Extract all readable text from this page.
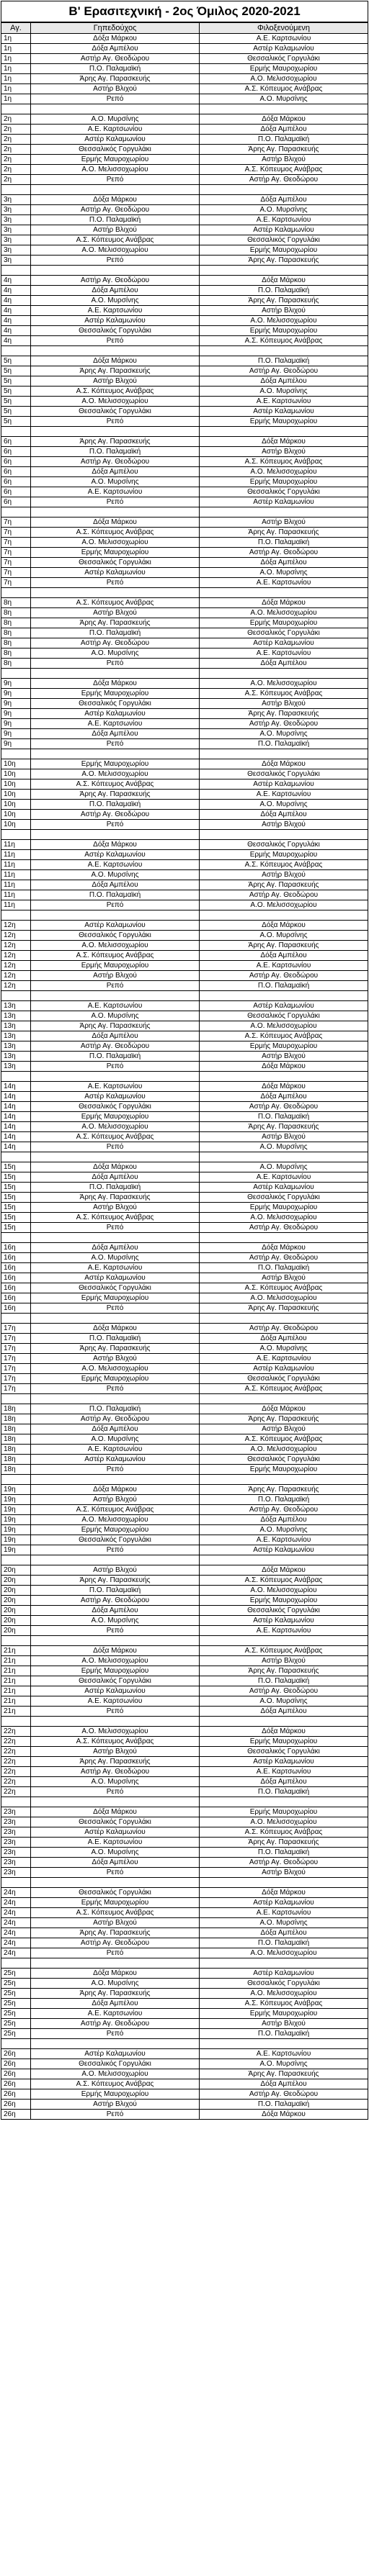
Β' Ερασιτεχνική - 2ος Όμιλος 2020-2021
Αγ.	Γηπεδούχος	Φιλοξενούμενη
1η	Δόξα Μάρκου	Α.Ε. Καρτσωνίου
1η	Δόξα Αμπέλου	Αστέρ Καλαμωνίου
1η	Αστήρ Αγ. Θεοδώρου	Θεσσαλικός Γοργυλάκι
1η	Π.Ο. Παλαμαϊκή	Ερμής Μαυροχωρίου
1η	Άρης Αγ. Παρασκευής	Α.Ο. Μελισσοχωρίου
1η	Αστήρ Βλιχού	Α.Σ. Κόπευμος Ανάβρας
1η	Ρεπό	Α.Ο. Μυρσίνης
2η	Α.Ο. Μυρσίνης	Δόξα Μάρκου
2η	Α.Ε. Καρτσωνίου	Δόξα Αμπέλου
2η	Αστέρ Καλαμωνίου	Π.Ο. Παλαμαϊκή
2η	Θεσσαλικός Γοργυλάκι	Άρης Αγ. Παρασκευής
2η	Ερμής Μαυροχωρίου	Αστήρ Βλιχού
2η	Α.Ο. Μελισσοχωρίου	Α.Σ. Κόπευμος Ανάβρας
2η	Ρεπό	Αστήρ Αγ. Θεοδώρου
3η	Δόξα Μάρκου	Δόξα Αμπέλου
3η	Αστήρ Αγ. Θεοδώρου	Α.Ο. Μυρσίνης
3η	Π.Ο. Παλαμαϊκή	Α.Ε. Καρτσωνίου
3η	Αστήρ Βλιχού	Αστέρ Καλαμωνίου
3η	Α.Σ. Κόπευμος Ανάβρας	Θεσσαλικός Γοργυλάκι
3η	Α.Ο. Μελισσοχωρίου	Ερμής Μαυροχωρίου
3η	Ρεπό	Άρης Αγ. Παρασκευής
4η	Αστήρ Αγ. Θεοδώρου	Δόξα Μάρκου
4η	Δόξα Αμπέλου	Π.Ο. Παλαμαϊκή
4η	Α.Ο. Μυρσίνης	Άρης Αγ. Παρασκευής
4η	Α.Ε. Καρτσωνίου	Αστήρ Βλιχού
4η	Αστέρ Καλαμωνίου	Α.Ο. Μελισσοχωρίου
4η	Θεσσαλικός Γοργυλάκι	Ερμής Μαυροχωρίου
4η	Ρεπό	Α.Σ. Κόπευμος Ανάβρας
5η	Δόξα Μάρκου	Π.Ο. Παλαμαϊκή
5η	Άρης Αγ. Παρασκευής	Αστήρ Αγ. Θεοδώρου
5η	Αστήρ Βλιχού	Δόξα Αμπέλου
5η	Α.Σ. Κόπευμος Ανάβρας	Α.Ο. Μυρσίνης
5η	Α.Ο. Μελισσοχωρίου	Α.Ε. Καρτσωνίου
5η	Θεσσαλικός Γοργυλάκι	Αστέρ Καλαμωνίου
5η	Ρεπό	Ερμής Μαυροχωρίου
6η	Άρης Αγ. Παρασκευής	Δόξα Μάρκου
6η	Π.Ο. Παλαμαϊκή	Αστήρ Βλιχού
6η	Αστήρ Αγ. Θεοδώρου	Α.Σ. Κόπευμος Ανάβρας
6η	Δόξα Αμπέλου	Α.Ο. Μελισσοχωρίου
6η	Α.Ο. Μυρσίνης	Ερμής Μαυροχωρίου
6η	Α.Ε. Καρτσωνίου	Θεσσαλικός Γοργυλάκι
6η	Ρεπό	Αστέρ Καλαμωνίου
7η	Δόξα Μάρκου	Αστήρ Βλιχού
7η	Α.Σ. Κόπευμος Ανάβρας	Άρης Αγ. Παρασκευής
7η	Α.Ο. Μελισσοχωρίου	Π.Ο. Παλαμαϊκή
7η	Ερμής Μαυροχωρίου	Αστήρ Αγ. Θεοδώρου
7η	Θεσσαλικός Γοργυλάκι	Δόξα Αμπέλου
7η	Αστέρ Καλαμωνίου	Α.Ο. Μυρσίνης
7η	Ρεπό	Α.Ε. Καρτσωνίου
8η	Α.Σ. Κόπευμος Ανάβρας	Δόξα Μάρκου
8η	Αστήρ Βλιχού	Α.Ο. Μελισσοχωρίου
8η	Άρης Αγ. Παρασκευής	Ερμής Μαυροχωρίου
8η	Π.Ο. Παλαμαϊκή	Θεσσαλικός Γοργυλάκι
8η	Αστήρ Αγ. Θεοδώρου	Αστέρ Καλαμωνίου
8η	Α.Ο. Μυρσίνης	Α.Ε. Καρτσωνίου
8η	Ρεπό	Δόξα Αμπέλου
9η	Δόξα Μάρκου	Α.Ο. Μελισσοχωρίου
9η	Ερμής Μαυροχωρίου	Α.Σ. Κόπευμος Ανάβρας
9η	Θεσσαλικός Γοργυλάκι	Αστήρ Βλιχού
9η	Αστέρ Καλαμωνίου	Άρης Αγ. Παρασκευής
9η	Α.Ε. Καρτσωνίου	Αστήρ Αγ. Θεοδώρου
9η	Δόξα Αμπέλου	Α.Ο. Μυρσίνης
9η	Ρεπό	Π.Ο. Παλαμαϊκή
10η	Ερμής Μαυροχωρίου	Δόξα Μάρκου
10η	Α.Ο. Μελισσοχωρίου	Θεσσαλικός Γοργυλάκι
10η	Α.Σ. Κόπευμος Ανάβρας	Αστέρ Καλαμωνίου
10η	Άρης Αγ. Παρασκευής	Α.Ε. Καρτσωνίου
10η	Π.Ο. Παλαμαϊκή	Α.Ο. Μυρσίνης
10η	Αστήρ Αγ. Θεοδώρου	Δόξα Αμπέλου
10η	Ρεπό	Αστήρ Βλιχού
11η	Δόξα Μάρκου	Θεσσαλικός Γοργυλάκι
11η	Αστέρ Καλαμωνίου	Ερμής Μαυροχωρίου
11η	Α.Ε. Καρτσωνίου	Α.Σ. Κόπευμος Ανάβρας
11η	Α.Ο. Μυρσίνης	Αστήρ Βλιχού
11η	Δόξα Αμπέλου	Άρης Αγ. Παρασκευής
11η	Π.Ο. Παλαμαϊκή	Αστήρ Αγ. Θεοδώρου
11η	Ρεπό	Α.Ο. Μελισσοχωρίου
12η	Αστέρ Καλαμωνίου	Δόξα Μάρκου
12η	Θεσσαλικός Γοργυλάκι	Α.Ο. Μυρσίνης
12η	Α.Ο. Μελισσοχωρίου	Άρης Αγ. Παρασκευής
12η	Α.Σ. Κόπευμος Ανάβρας	Δόξα Αμπέλου
12η	Ερμής Μαυροχωρίου	Α.Ε. Καρτσωνίου
12η	Αστήρ Βλιχού	Αστήρ Αγ. Θεοδώρου
12η	Ρεπό	Π.Ο. Παλαμαϊκή
13η	Α.Ε. Καρτσωνίου	Αστέρ Καλαμωνίου
13η	Α.Ο. Μυρσίνης	Θεσσαλικός Γοργυλάκι
13η	Άρης Αγ. Παρασκευής	Α.Ο. Μελισσοχωρίου
13η	Δόξα Αμπέλου	Α.Σ. Κόπευμος Ανάβρας
13η	Αστήρ Αγ. Θεοδώρου	Ερμής Μαυροχωρίου
13η	Π.Ο. Παλαμαϊκή	Αστήρ Βλιχού
13η	Ρεπό	Δόξα Μάρκου
14η	Α.Ε. Καρτσωνίου	Δόξα Μάρκου
14η	Αστέρ Καλαμωνίου	Δόξα Αμπέλου
14η	Θεσσαλικός Γοργυλάκι	Αστήρ Αγ. Θεοδώρου
14η	Ερμής Μαυροχωρίου	Π.Ο. Παλαμαϊκή
14η	Α.Ο. Μελισσοχωρίου	Άρης Αγ. Παρασκευής
14η	Α.Σ. Κόπευμος Ανάβρας	Αστήρ Βλιχού
14η	Ρεπό	Α.Ο. Μυρσίνης
15η	Δόξα Μάρκου	Α.Ο. Μυρσίνης
15η	Δόξα Αμπέλου	Α.Ε. Καρτσωνίου
15η	Π.Ο. Παλαμαϊκή	Αστέρ Καλαμωνίου
15η	Άρης Αγ. Παρασκευής	Θεσσαλικός Γοργυλάκι
15η	Αστήρ Βλιχού	Ερμής Μαυροχωρίου
15η	Α.Σ. Κόπευμος Ανάβρας	Α.Ο. Μελισσοχωρίου
15η	Ρεπό	Αστήρ Αγ. Θεοδώρου
16η	Δόξα Αμπέλου	Δόξα Μάρκου
16η	Α.Ο. Μυρσίνης	Αστήρ Αγ. Θεοδώρου
16η	Α.Ε. Καρτσωνίου	Π.Ο. Παλαμαϊκή
16η	Αστέρ Καλαμωνίου	Αστήρ Βλιχού
16η	Θεσσαλικός Γοργυλάκι	Α.Σ. Κόπευμος Ανάβρας
16η	Ερμής Μαυροχωρίου	Α.Ο. Μελισσοχωρίου
16η	Ρεπό	Άρης Αγ. Παρασκευής
17η	Δόξα Μάρκου	Αστήρ Αγ. Θεοδώρου
17η	Π.Ο. Παλαμαϊκή	Δόξα Αμπέλου
17η	Άρης Αγ. Παρασκευής	Α.Ο. Μυρσίνης
17η	Αστήρ Βλιχού	Α.Ε. Καρτσωνίου
17η	Α.Ο. Μελισσοχωρίου	Αστέρ Καλαμωνίου
17η	Ερμής Μαυροχωρίου	Θεσσαλικός Γοργυλάκι
17η	Ρεπό	Α.Σ. Κόπευμος Ανάβρας
18η	Π.Ο. Παλαμαϊκή	Δόξα Μάρκου
18η	Αστήρ Αγ. Θεοδώρου	Άρης Αγ. Παρασκευής
18η	Δόξα Αμπέλου	Αστήρ Βλιχού
18η	Α.Ο. Μυρσίνης	Α.Σ. Κόπευμος Ανάβρας
18η	Α.Ε. Καρτσωνίου	Α.Ο. Μελισσοχωρίου
18η	Αστέρ Καλαμωνίου	Θεσσαλικός Γοργυλάκι
18η	Ρεπό	Ερμής Μαυροχωρίου
19η	Δόξα Μάρκου	Άρης Αγ. Παρασκευής
19η	Αστήρ Βλιχού	Π.Ο. Παλαμαϊκή
19η	Α.Σ. Κόπευμος Ανάβρας	Αστήρ Αγ. Θεοδώρου
19η	Α.Ο. Μελισσοχωρίου	Δόξα Αμπέλου
19η	Ερμής Μαυροχωρίου	Α.Ο. Μυρσίνης
19η	Θεσσαλικός Γοργυλάκι	Α.Ε. Καρτσωνίου
19η	Ρεπό	Αστέρ Καλαμωνίου
20η	Αστήρ Βλιχού	Δόξα Μάρκου
20η	Άρης Αγ. Παρασκευής	Α.Σ. Κόπευμος Ανάβρας
20η	Π.Ο. Παλαμαϊκή	Α.Ο. Μελισσοχωρίου
20η	Αστήρ Αγ. Θεοδώρου	Ερμής Μαυροχωρίου
20η	Δόξα Αμπέλου	Θεσσαλικός Γοργυλάκι
20η	Α.Ο. Μυρσίνης	Αστέρ Καλαμωνίου
20η	Ρεπό	Α.Ε. Καρτσωνίου
21η	Δόξα Μάρκου	Α.Σ. Κόπευμος Ανάβρας
21η	Α.Ο. Μελισσοχωρίου	Αστήρ Βλιχού
21η	Ερμής Μαυροχωρίου	Άρης Αγ. Παρασκευής
21η	Θεσσαλικός Γοργυλάκι	Π.Ο. Παλαμαϊκή
21η	Αστέρ Καλαμωνίου	Αστήρ Αγ. Θεοδώρου
21η	Α.Ε. Καρτσωνίου	Α.Ο. Μυρσίνης
21η	Ρεπό	Δόξα Αμπέλου
22η	Α.Ο. Μελισσοχωρίου	Δόξα Μάρκου
22η	Α.Σ. Κόπευμος Ανάβρας	Ερμής Μαυροχωρίου
22η	Αστήρ Βλιχού	Θεσσαλικός Γοργυλάκι
22η	Άρης Αγ. Παρασκευής	Αστέρ Καλαμωνίου
22η	Αστήρ Αγ. Θεοδώρου	Α.Ε. Καρτσωνίου
22η	Α.Ο. Μυρσίνης	Δόξα Αμπέλου
22η	Ρεπό	Π.Ο. Παλαμαϊκή
23η	Δόξα Μάρκου	Ερμής Μαυροχωρίου
23η	Θεσσαλικός Γοργυλάκι	Α.Ο. Μελισσοχωρίου
23η	Αστέρ Καλαμωνίου	Α.Σ. Κόπευμος Ανάβρας
23η	Α.Ε. Καρτσωνίου	Άρης Αγ. Παρασκευής
23η	Α.Ο. Μυρσίνης	Π.Ο. Παλαμαϊκή
23η	Δόξα Αμπέλου	Αστήρ Αγ. Θεοδώρου
23η	Ρεπό	Αστήρ Βλιχού
24η	Θεσσαλικός Γοργυλάκι	Δόξα Μάρκου
24η	Ερμής Μαυροχωρίου	Αστέρ Καλαμωνίου
24η	Α.Σ. Κόπευμος Ανάβρας	Α.Ε. Καρτσωνίου
24η	Αστήρ Βλιχού	Α.Ο. Μυρσίνης
24η	Άρης Αγ. Παρασκευής	Δόξα Αμπέλου
24η	Αστήρ Αγ. Θεοδώρου	Π.Ο. Παλαμαϊκή
24η	Ρεπό	Α.Ο. Μελισσοχωρίου
25η	Δόξα Μάρκου	Αστέρ Καλαμωνίου
25η	Α.Ο. Μυρσίνης	Θεσσαλικός Γοργυλάκι
25η	Άρης Αγ. Παρασκευής	Α.Ο. Μελισσοχωρίου
25η	Δόξα Αμπέλου	Α.Σ. Κόπευμος Ανάβρας
25η	Α.Ε. Καρτσωνίου	Ερμής Μαυροχωρίου
25η	Αστήρ Αγ. Θεοδώρου	Αστήρ Βλιχού
25η	Ρεπό	Π.Ο. Παλαμαϊκή
26η	Αστέρ Καλαμωνίου	Α.Ε. Καρτσωνίου
26η	Θεσσαλικός Γοργυλάκι	Α.Ο. Μυρσίνης
26η	Α.Ο. Μελισσοχωρίου	Άρης Αγ. Παρασκευής
26η	Α.Σ. Κόπευμος Ανάβρας	Δόξα Αμπέλου
26η	Ερμής Μαυροχωρίου	Αστήρ Αγ. Θεοδώρου
26η	Αστήρ Βλιχού	Π.Ο. Παλαμαϊκή
26η	Ρεπό	Δόξα Μάρκου
